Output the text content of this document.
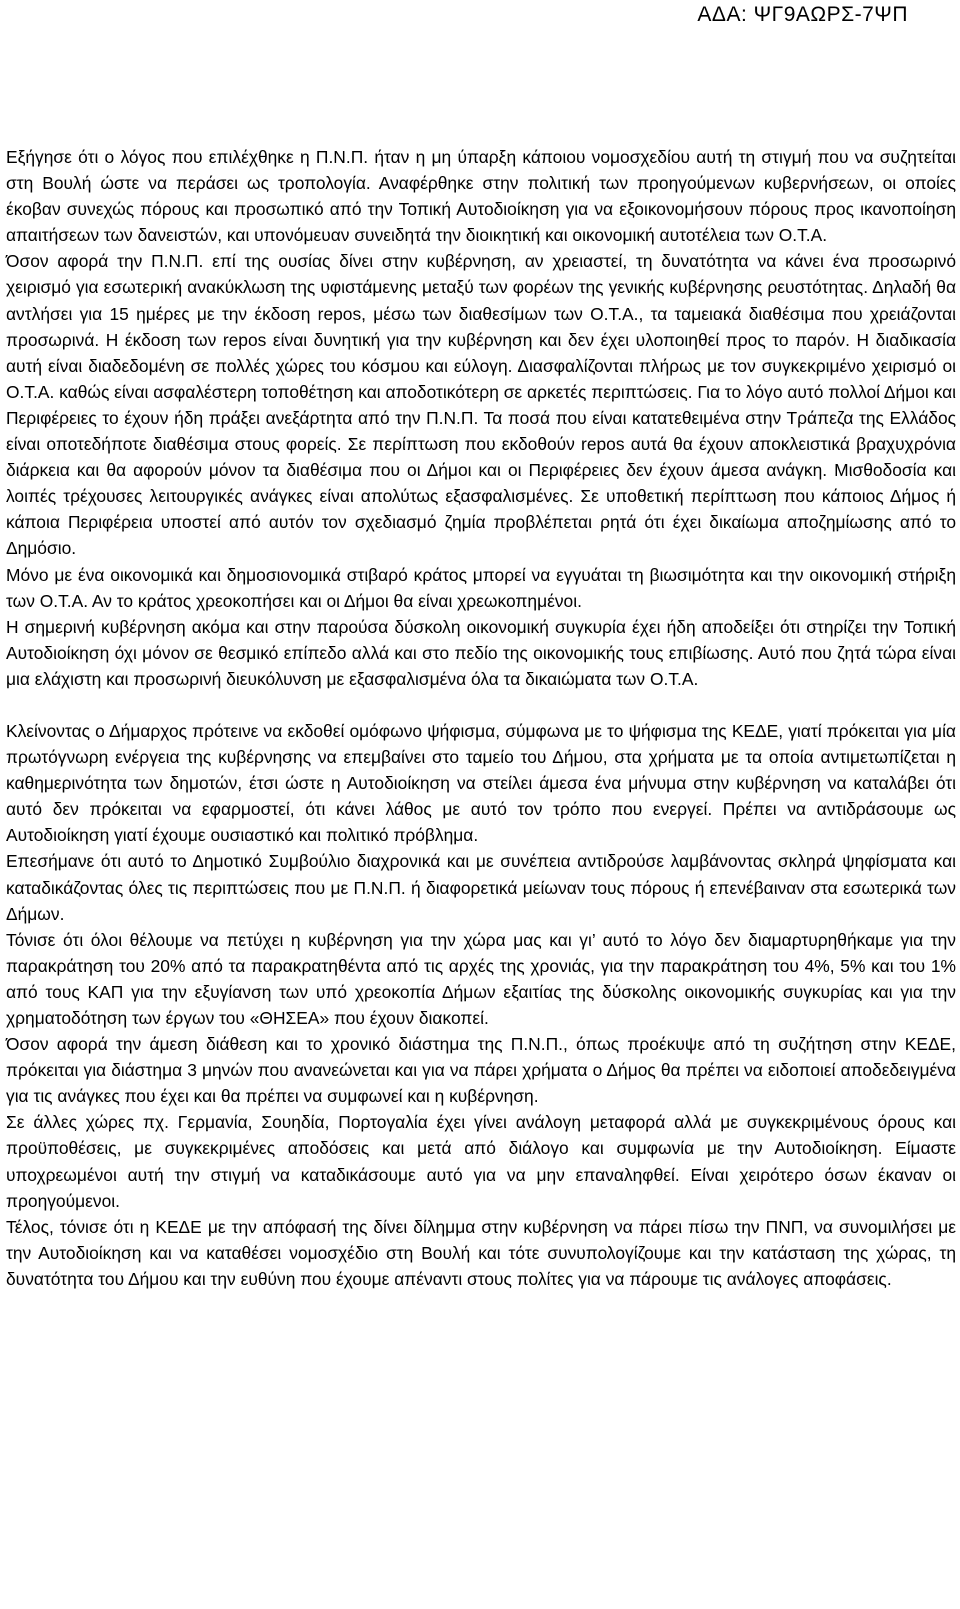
ΑΔΑ: ΨΓ9ΑΩΡΣ-7ΨΠ

Εξήγησε ότι ο λόγος που επιλέχθηκε η Π.Ν.Π. ήταν η μη ύπαρξη κάποιου νομοσχεδίου αυτή τη στιγμή που να συζητείται στη Βουλή ώστε να περάσει ως τροπολογία. Αναφέρθηκε στην πολιτική των προηγούμενων κυβερνήσεων, οι οποίες έκοβαν συνεχώς πόρους και προσωπικό από την Τοπική Αυτοδιοίκηση για να εξοικονομήσουν πόρους προς ικανοποίηση απαιτήσεων των δανειστών, και υπονόμευαν συνειδητά την διοικητική και οικονομική αυτοτέλεια των Ο.Τ.Α.

Όσον αφορά την Π.Ν.Π. επί της ουσίας δίνει στην κυβέρνηση, αν χρειαστεί, τη δυνατότητα να κάνει ένα προσωρινό χειρισμό για εσωτερική ανακύκλωση της υφιστάμενης μεταξύ των φορέων της γενικής κυβέρνησης ρευστότητας. Δηλαδή θα αντλήσει για 15 ημέρες με την έκδοση repos, μέσω των διαθεσίμων των Ο.Τ.Α., τα ταμειακά διαθέσιμα που χρειάζονται προσωρινά. Η έκδοση των repos είναι δυνητική για την κυβέρνηση και δεν έχει υλοποιηθεί προς το παρόν. Η διαδικασία αυτή είναι διαδεδομένη σε πολλές χώρες του κόσμου και εύλογη. Διασφαλίζονται πλήρως με τον συγκεκριμένο χειρισμό οι Ο.Τ.Α. καθώς είναι ασφαλέστερη τοποθέτηση και αποδοτικότερη σε αρκετές περιπτώσεις. Για το λόγο αυτό πολλοί Δήμοι και Περιφέρειες το έχουν ήδη πράξει ανεξάρτητα από την Π.Ν.Π. Τα ποσά που είναι κατατεθειμένα στην Τράπεζα της Ελλάδος είναι οποτεδήποτε διαθέσιμα στους φορείς. Σε περίπτωση που εκδοθούν repos αυτά θα έχουν αποκλειστικά βραχυχρόνια διάρκεια και θα αφορούν μόνον τα διαθέσιμα που οι Δήμοι και οι Περιφέρειες δεν έχουν άμεσα ανάγκη. Μισθοδοσία και λοιπές τρέχουσες λειτουργικές ανάγκες είναι απολύτως εξασφαλισμένες. Σε υποθετική περίπτωση που κάποιος Δήμος ή κάποια Περιφέρεια υποστεί από αυτόν τον σχεδιασμό ζημία προβλέπεται ρητά ότι έχει δικαίωμα αποζημίωσης από το Δημόσιο.

Μόνο με ένα οικονομικά και δημοσιονομικά στιβαρό κράτος μπορεί να εγγυάται τη βιωσιμότητα και την οικονομική στήριξη των Ο.Τ.Α. Αν το κράτος χρεοκοπήσει και οι Δήμοι θα είναι χρεωκοπημένοι.

Η σημερινή κυβέρνηση ακόμα και στην παρούσα δύσκολη οικονομική συγκυρία έχει ήδη αποδείξει ότι στηρίζει την Τοπική Αυτοδιοίκηση όχι μόνον σε θεσμικό επίπεδο αλλά και στο πεδίο της οικονομικής τους επιβίωσης. Αυτό που ζητά τώρα είναι μια ελάχιστη και προσωρινή διευκόλυνση με εξασφαλισμένα όλα τα δικαιώματα των Ο.Τ.Α.

Κλείνοντας ο Δήμαρχος πρότεινε να εκδοθεί ομόφωνο ψήφισμα, σύμφωνα με το ψήφισμα της ΚΕΔΕ, γιατί πρόκειται για μία πρωτόγνωρη ενέργεια της κυβέρνησης να επεμβαίνει στο ταμείο του Δήμου, στα χρήματα με τα οποία αντιμετωπίζεται η καθημερινότητα των δημοτών, έτσι ώστε η Αυτοδιοίκηση να στείλει άμεσα ένα μήνυμα στην κυβέρνηση να καταλάβει ότι αυτό δεν πρόκειται να εφαρμοστεί, ότι κάνει λάθος με αυτό τον τρόπο που ενεργεί. Πρέπει να αντιδράσουμε ως Αυτοδιοίκηση γιατί έχουμε ουσιαστικό και πολιτικό πρόβλημα.

Επεσήμανε ότι αυτό το Δημοτικό Συμβούλιο διαχρονικά και με συνέπεια αντιδρούσε λαμβάνοντας σκληρά ψηφίσματα και καταδικάζοντας όλες τις περιπτώσεις που με Π.Ν.Π. ή διαφορετικά μείωναν τους πόρους ή επενέβαιναν στα εσωτερικά των Δήμων.

Τόνισε ότι όλοι θέλουμε να πετύχει η κυβέρνηση για την χώρα μας και γι’ αυτό το λόγο δεν διαμαρτυρηθήκαμε για την παρακράτηση του 20% από τα παρακρατηθέντα από τις αρχές της χρονιάς, για την παρακράτηση του 4%, 5% και του 1% από τους ΚΑΠ για την εξυγίανση των υπό χρεοκοπία Δήμων εξαιτίας της δύσκολης οικονομικής συγκυρίας και για την χρηματοδότηση των έργων του «ΘΗΣΕΑ» που έχουν διακοπεί.

Όσον αφορά την άμεση διάθεση και το χρονικό διάστημα της Π.Ν.Π., όπως προέκυψε από τη συζήτηση στην ΚΕΔΕ, πρόκειται για διάστημα 3 μηνών που ανανεώνεται και για να πάρει χρήματα ο Δήμος θα πρέπει να ειδοποιεί αποδεδειγμένα για τις ανάγκες που έχει και θα πρέπει να συμφωνεί και η κυβέρνηση.

Σε άλλες χώρες πχ. Γερμανία, Σουηδία, Πορτογαλία έχει γίνει ανάλογη μεταφορά αλλά με συγκεκριμένους όρους και προϋποθέσεις, με συγκεκριμένες αποδόσεις και μετά από διάλογο και συμφωνία με την Αυτοδιοίκηση. Είμαστε υποχρεωμένοι αυτή την στιγμή να καταδικάσουμε αυτό για να μην επαναληφθεί. Είναι χειρότερο όσων έκαναν οι προηγούμενοι.

Τέλος, τόνισε ότι η ΚΕΔΕ με την απόφασή της δίνει δίλημμα στην κυβέρνηση να πάρει πίσω την ΠΝΠ, να συνομιλήσει με την Αυτοδιοίκηση και να καταθέσει νομοσχέδιο στη Βουλή και τότε συνυπολογίζουμε και την κατάσταση της χώρας, τη δυνατότητα του Δήμου και την ευθύνη που έχουμε απέναντι στους πολίτες για να πάρουμε τις ανάλογες αποφάσεις.
